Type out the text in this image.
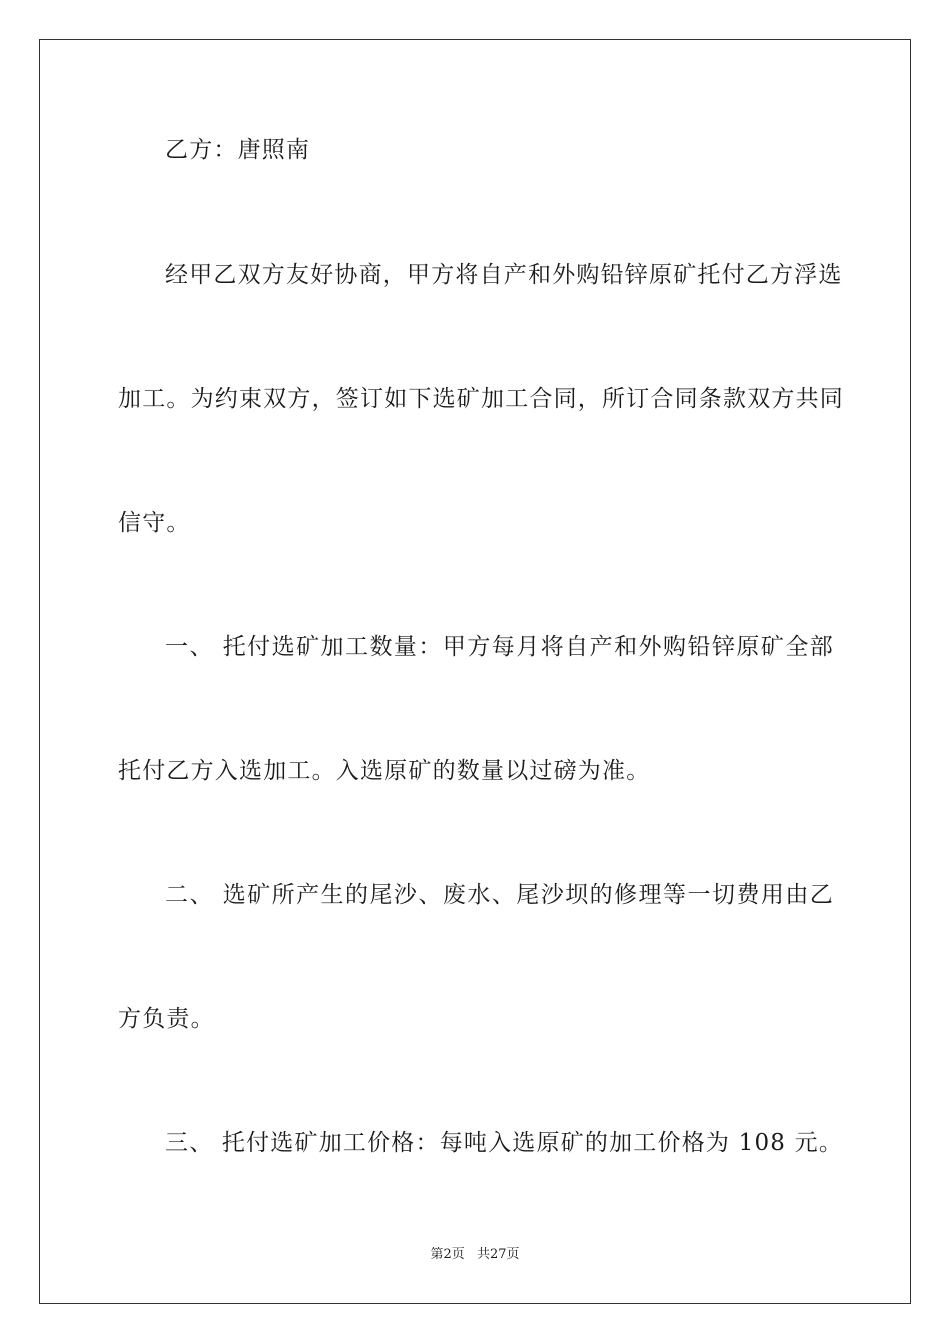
乙方：唐照南
经甲乙双方友好协商，甲方将自产和外购铅锌原矿托付乙方浮选
加工。为约束双方，签订如下选矿加工合同，所订合同条款双方共同
信守。
一、 托付选矿加工数量：甲方每月将自产和外购铅锌原矿全部
托付乙方入选加工。入选原矿的数量以过磅为准。
二、 选矿所产生的尾沙、废水、尾沙坝的修理等一切费用由乙
方负责。
三、 托付选矿加工价格：每吨入选原矿的加工价格为 108 元。
第2页 共27页
